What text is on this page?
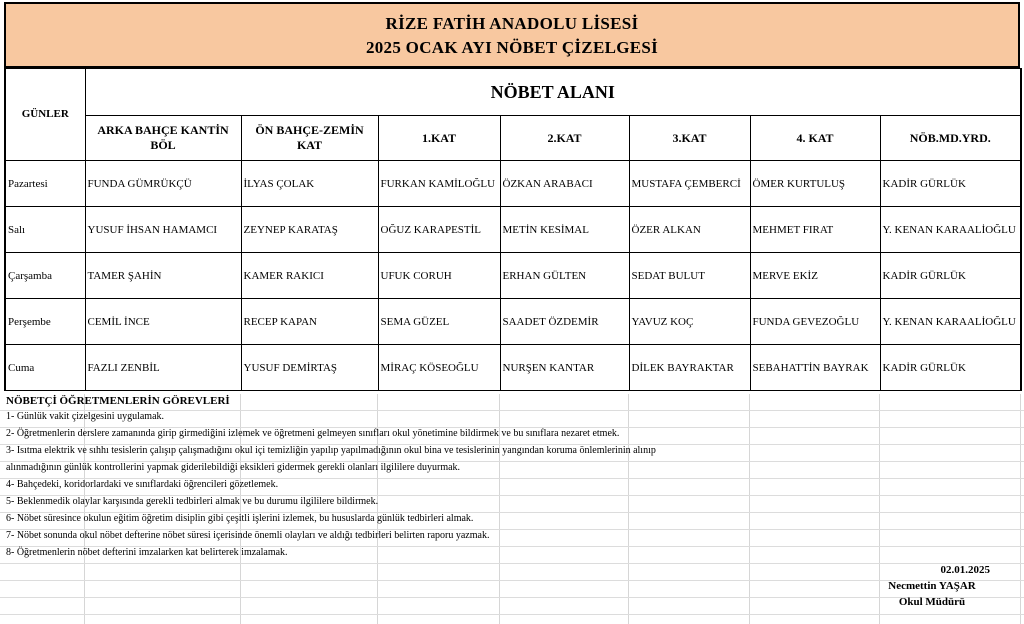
RİZE FATİH ANADOLU LİSESİ
2025 OCAK AYI NÖBET ÇİZELGESİ
GÜNLER	NÖBET ALANI						
	ARKA BAHÇE KANTİN BÖL	ÖN BAHÇE-ZEMİN KAT	1.KAT	2.KAT	3.KAT	4. KAT	NÖB.MD.YRD.
Pazartesi	FUNDA GÜMRÜKÇÜ	İLYAS ÇOLAK	FURKAN KAMİLOĞLU	ÖZKAN ARABACI	MUSTAFA ÇEMBERCİ	ÖMER KURTULUŞ	KADİR GÜRLÜK
Salı	YUSUF İHSAN HAMAMCI	ZEYNEP KARATAŞ	OĞUZ KARAPESTİL	METİN KESİMAL	ÖZER ALKAN	MEHMET FIRAT	Y. KENAN KARAALİOĞLU
Çarşamba	TAMER ŞAHİN	KAMER RAKICI	UFUK CORUH	ERHAN GÜLTEN	SEDAT BULUT	MERVE EKİZ	KADİR GÜRLÜK
Perşembe	CEMİL İNCE	RECEP KAPAN	SEMA GÜZEL	SAADET ÖZDEMİR	YAVUZ KOÇ	FUNDA GEVEZOĞLU	Y. KENAN KARAALİOĞLU
Cuma	FAZLI ZENBİL	YUSUF DEMİRTAŞ	MİRAÇ KÖSEOĞLU	NURŞEN KANTAR	DİLEK BAYRAKTAR	SEBAHATTİN BAYRAK	KADİR GÜRLÜK
NÖBETÇİ ÖĞRETMENLERİN GÖREVLERİ
1- Günlük vakit çizelgesini uygulamak.
2- Öğretmenlerin derslere zamanında girip girmediğini izlemek ve öğretmeni gelmeyen sınıfları okul yönetimine bildirmek ve bu sınıflara nezaret etmek.
3- Isıtma elektrik ve sıhhı tesislerin çalışıp çalışmadığını okul içi temizliğin yapılıp yapılmadığının okul bina ve tesislerinin yangından koruma önlemlerinin alınıp
alınmadığının günlük kontrollerini yapmak giderilebildiği eksikleri gidermek gerekli olanları ilgililere duyurmak.
4- Bahçedeki, koridorlardaki ve sınıflardaki öğrencileri gözetlemek.
5- Beklenmedik olaylar karşısında gerekli tedbirleri almak ve bu durumu ilgililere bildirmek.
6- Nöbet süresince okulun eğitim öğretim disiplin gibi çeşitli işlerini izlemek, bu hususlarda günlük tedbirleri almak.
7- Nöbet sonunda okul nöbet defterine nöbet süresi içerisinde önemli olayları ve aldığı tedbirleri belirten raporu yazmak.
8- Öğretmenlerin nöbet defterini imzalarken kat belirterek imzalamak.
02.01.2025
Necmettin YAŞAR
Okul Müdürü
